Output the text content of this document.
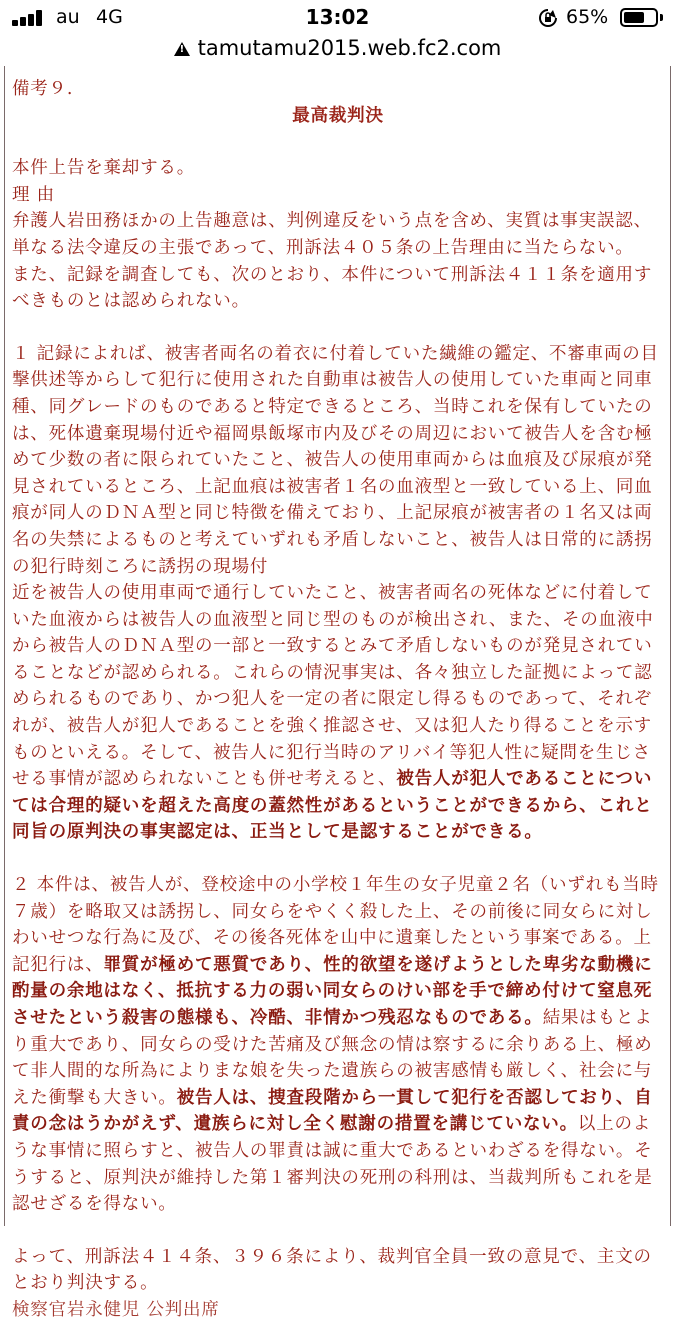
au 4G	13:02	65%
!tamutamu2015.web.fc2.com

備考９.

最高裁判決

本件上告を棄却する。

理 由

弁護人岩田務ほかの上告趣意は、判例違反をいう点を含め、実質は事実誤認、単なる法令違反の主張であって、刑訴法４０５条の上告理由に当たらない。

また、記録を調査しても、次のとおり、本件について刑訴法４１１条を適用すべきものとは認められない。

１ 記録によれば、被害者両名の着衣に付着していた繊維の鑑定、不審車両の目撃供述等からして犯行に使用された自動車は被告人の使用していた車両と同車種、同グレードのものであると特定できるところ、当時これを保有していたのは、死体遺棄現場付近や福岡県飯塚市内及びその周辺において被告人を含む極めて少数の者に限られていたこと、被告人の使用車両からは血痕及び尿痕が発見されているところ、上記血痕は被害者１名の血液型と一致している上、同血痕が同人のＤＮＡ型と同じ特徴を備えており、上記尿痕が被害者の１名又は両名の失禁によるものと考えていずれも矛盾しないこと、被告人は日常的に誘拐の犯行時刻ころに誘拐の現場付

近を被告人の使用車両で通行していたこと、被害者両名の死体などに付着していた血液からは被告人の血液型と同じ型のものが検出され、また、その血液中から被告人のＤＮＡ型の一部と一致するとみて矛盾しないものが発見されていることなどが認められる。これらの情況事実は、各々独立した証拠によって認められるものであり、かつ犯人を一定の者に限定し得るものであって、それぞれが、被告人が犯人であることを強く推認させ、又は犯人たり得ることを示すものといえる。そして、被告人に犯行当時のアリバイ等犯人性に疑問を生じさせる事情が認められないことも併せ考えると、被告人が犯人であることについては合理的疑いを超えた高度の蓋然性があるということができるから、これと同旨の原判決の事実認定は、正当として是認することができる。

２ 本件は、被告人が、登校途中の小学校１年生の女子児童２名（いずれも当時７歳）を略取又は誘拐し、同女らをやくく殺した上、その前後に同女らに対しわいせつな行為に及び、その後各死体を山中に遺棄したという事案である。上記犯行は、罪質が極めて悪質であり、性的欲望を遂げようとした卑劣な動機に酌量の余地はなく、抵抗する力の弱い同女らのけい部を手で締め付けて窒息死させたという殺害の態様も、冷酷、非情かつ残忍なものである。結果はもとより重大であり、同女らの受けた苦痛及び無念の情は察するに余りある上、極めて非人間的な所為によりまな娘を失った遺族らの被害感情も厳しく、社会に与えた衝撃も大きい。被告人は、捜査段階から一貫して犯行を否認しており、自責の念はうかがえず、遺族らに対し全く慰謝の措置を講じていない。以上のような事情に照らすと、被告人の罪責は誠に重大であるといわざるを得ない。そうすると、原判決が維持した第１審判決の死刑の科刑は、当裁判所もこれを是認せざるを得ない。

よって、刑訴法４１４条、３９６条により、裁判官全員一致の意見で、主文のとおり判決する。

検察官岩永健児 公判出席
